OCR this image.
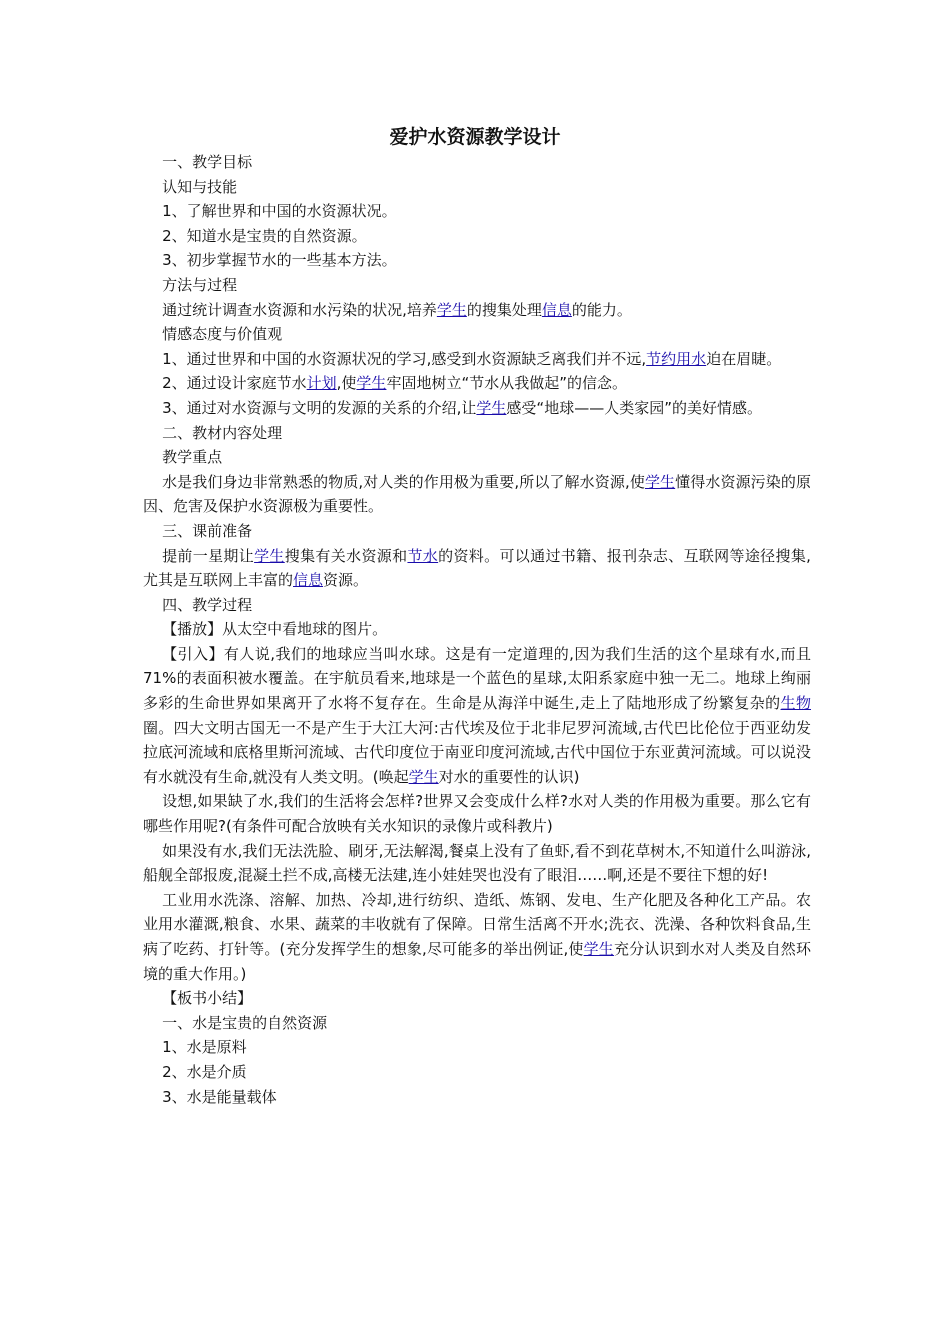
爱护水资源教学设计

一、教学目标

认知与技能

1、了解世界和中国的水资源状况。

2、知道水是宝贵的自然资源。

3、初步掌握节水的一些基本方法。

方法与过程

通过统计调查水资源和水污染的状况,培养学生的搜集处理信息的能力。

情感态度与价值观

1、通过世界和中国的水资源状况的学习,感受到水资源缺乏离我们并不远,节约用水迫在眉睫。

2、通过设计家庭节水计划,使学生牢固地树立“节水从我做起”的信念。

3、通过对水资源与文明的发源的关系的介绍,让学生感受“地球——人类家园”的美好情感。

二、教材内容处理

教学重点

水是我们身边非常熟悉的物质,对人类的作用极为重要,所以了解水资源,使学生懂得水资源污染的原因、危害及保护水资源极为重要性。

三、课前准备

提前一星期让学生搜集有关水资源和节水的资料。可以通过书籍、报刊杂志、互联网等途径搜集,尤其是互联网上丰富的信息资源。

四、教学过程

【播放】从太空中看地球的图片。

【引入】有人说,我们的地球应当叫水球。这是有一定道理的,因为我们生活的这个星球有水,而且71%的表面积被水覆盖。在宇航员看来,地球是一个蓝色的星球,太阳系家庭中独一无二。地球上绚丽多彩的生命世界如果离开了水将不复存在。生命是从海洋中诞生,走上了陆地形成了纷繁复杂的生物圈。四大文明古国无一不是产生于大江大河:古代埃及位于北非尼罗河流域,古代巴比伦位于西亚幼发拉底河流域和底格里斯河流域、古代印度位于南亚印度河流域,古代中国位于东亚黄河流域。可以说没有水就没有生命,就没有人类文明。(唤起学生对水的重要性的认识)

设想,如果缺了水,我们的生活将会怎样?世界又会变成什么样?水对人类的作用极为重要。那么它有哪些作用呢?(有条件可配合放映有关水知识的录像片或科教片)

如果没有水,我们无法洗脸、刷牙,无法解渴,餐桌上没有了鱼虾,看不到花草树木,不知道什么叫游泳,船舰全部报废,混凝土拦不成,高楼无法建,连小娃娃哭也没有了眼泪……啊,还是不要往下想的好!

工业用水洗涤、溶解、加热、冷却,进行纺织、造纸、炼钢、发电、生产化肥及各种化工产品。农业用水灌溉,粮食、水果、蔬菜的丰收就有了保障。日常生活离不开水;洗衣、洗澡、各种饮料食品,生病了吃药、打针等。(充分发挥学生的想象,尽可能多的举出例证,使学生充分认识到水对人类及自然环境的重大作用。)

【板书小结】

一、水是宝贵的自然资源

1、水是原料

2、水是介质

3、水是能量载体
